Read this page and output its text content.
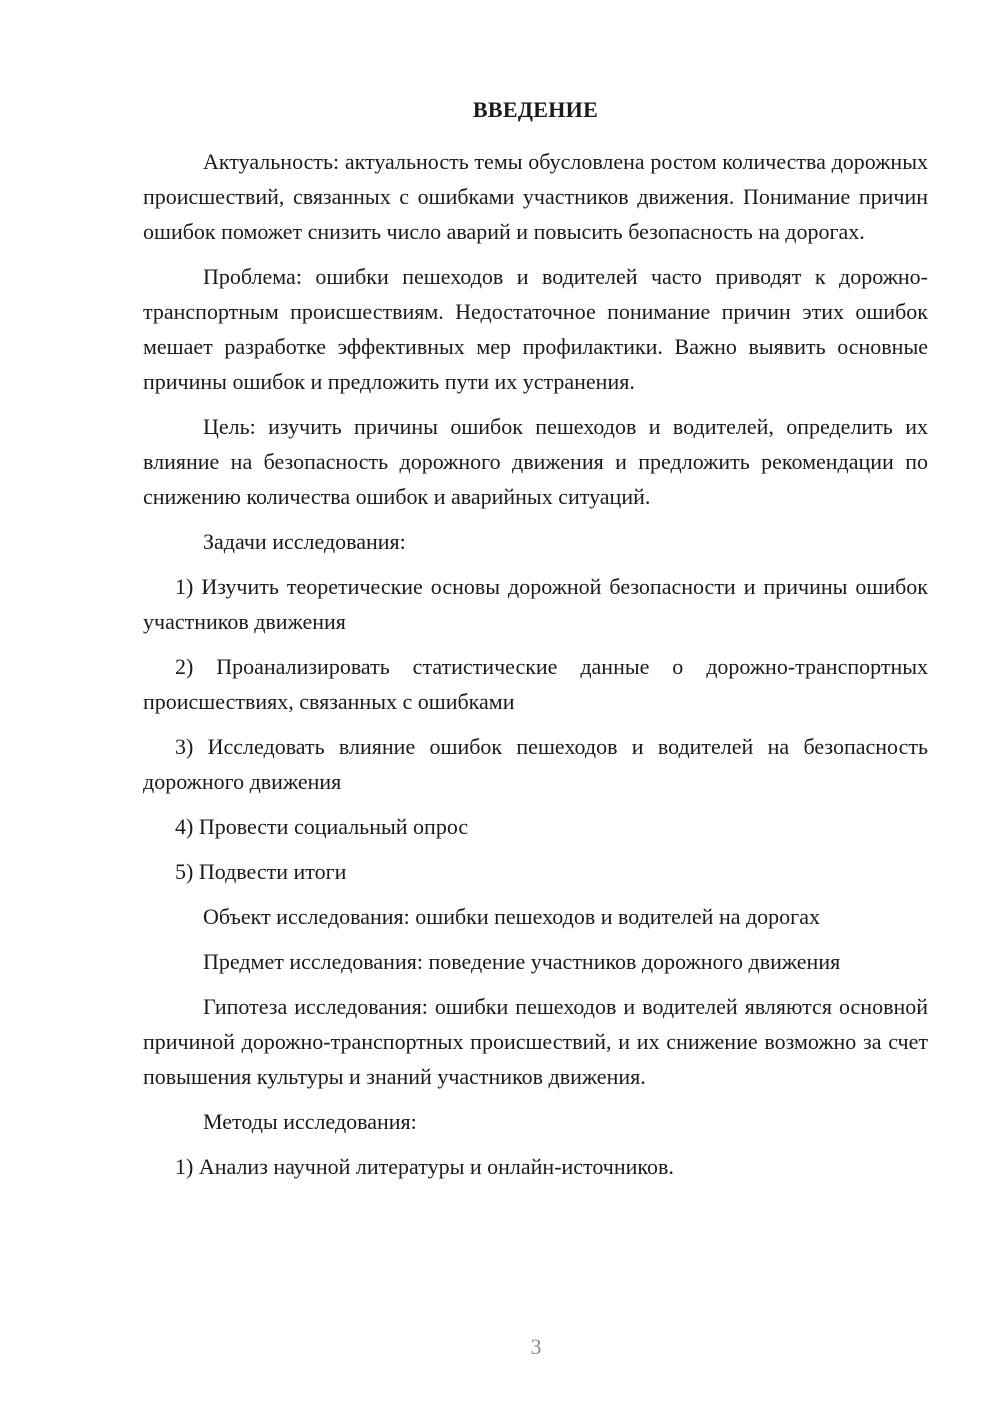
ВВЕДЕНИЕ

Актуальность: актуальность темы обусловлена ростом количества дорожных происшествий, связанных с ошибками участников движения. Понимание причин ошибок поможет снизить число аварий и повысить безопасность на дорогах.

Проблема: ошибки пешеходов и водителей часто приводят к дорожно-транспортным происшествиям. Недостаточное понимание причин этих ошибок мешает разработке эффективных мер профилактики. Важно выявить основные причины ошибок и предложить пути их устранения.

Цель: изучить причины ошибок пешеходов и водителей, определить их влияние на безопасность дорожного движения и предложить рекомендации по снижению количества ошибок и аварийных ситуаций.

Задачи исследования:

1) Изучить теоретические основы дорожной безопасности и причины ошибок участников движения

2) Проанализировать статистические данные о дорожно-транспортных происшествиях, связанных с ошибками

3) Исследовать влияние ошибок пешеходов и водителей на безопасность дорожного движения

4) Провести социальный опрос

5) Подвести итоги

Объект исследования: ошибки пешеходов и водителей на дорогах

Предмет исследования: поведение участников дорожного движения

Гипотеза исследования: ошибки пешеходов и водителей являются основной причиной дорожно-транспортных происшествий, и их снижение возможно за счет повышения культуры и знаний участников движения.

Методы исследования:

1) Анализ научной литературы и онлайн-источников.

3
